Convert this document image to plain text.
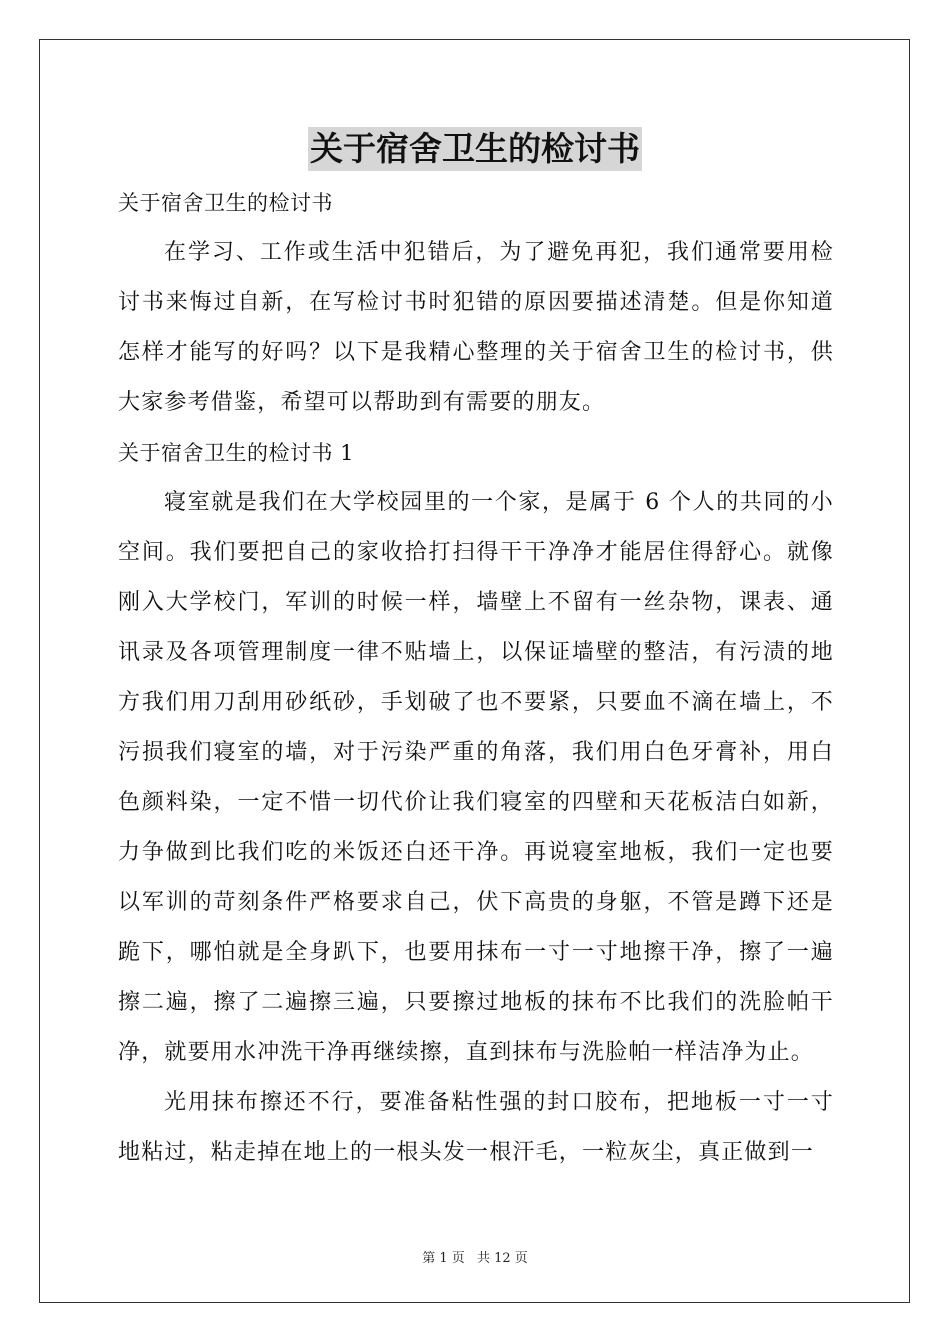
关于宿舍卫生的检讨书
关于宿舍卫生的检讨书

在学习、工作或生活中犯错后，为了避免再犯，我们通常要用检讨书来悔过自新，在写检讨书时犯错的原因要描述清楚。但是你知道怎样才能写的好吗？以下是我精心整理的关于宿舍卫生的检讨书，供大家参考借鉴，希望可以帮助到有需要的朋友。

关于宿舍卫生的检讨书 1

寝室就是我们在大学校园里的一个家，是属于 6 个人的共同的小空间。我们要把自己的家收拾打扫得干干净净才能居住得舒心。就像刚入大学校门，军训的时候一样，墙壁上不留有一丝杂物，课表、通讯录及各项管理制度一律不贴墙上，以保证墙壁的整洁，有污渍的地方我们用刀刮用砂纸砂，手划破了也不要紧，只要血不滴在墙上，不污损我们寝室的墙，对于污染严重的角落，我们用白色牙膏补，用白色颜料染，一定不惜一切代价让我们寝室的四壁和天花板洁白如新，力争做到比我们吃的米饭还白还干净。再说寝室地板，我们一定也要以军训的苛刻条件严格要求自己，伏下高贵的身躯，不管是蹲下还是跪下，哪怕就是全身趴下，也要用抹布一寸一寸地擦干净，擦了一遍擦二遍，擦了二遍擦三遍，只要擦过地板的抹布不比我们的洗脸帕干净，就要用水冲洗干净再继续擦，直到抹布与洗脸帕一样洁净为止。

光用抹布擦还不行，要准备粘性强的封口胶布，把地板一寸一寸地粘过，粘走掉在地上的一根头发一根汗毛，一粒灰尘，真正做到一

第 1 页 共 12 页
